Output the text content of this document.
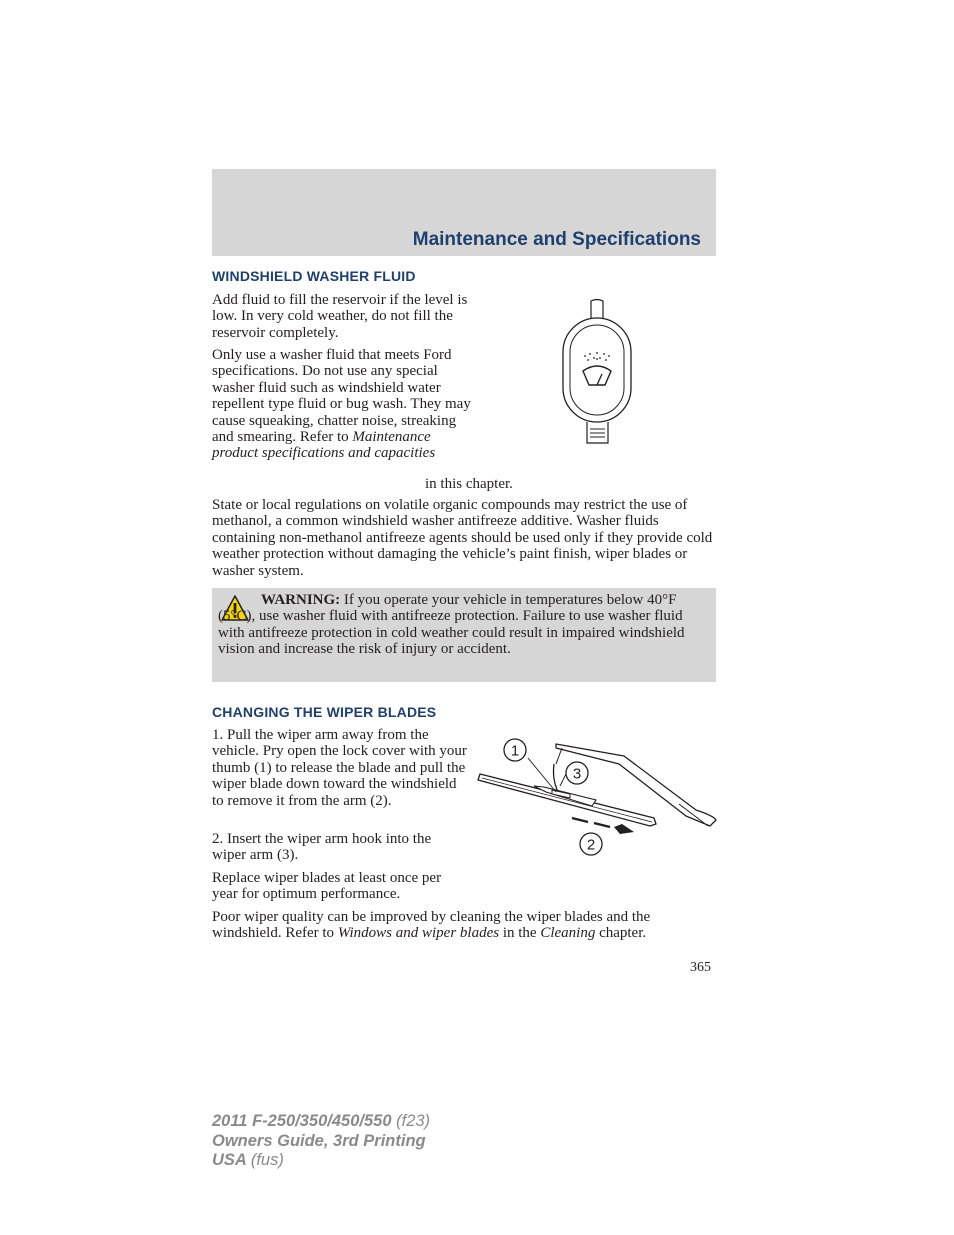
Maintenance and Specifications
WINDSHIELD WASHER FLUID

Add fluid to fill the reservoir if the level is low. In very cold weather, do not fill the reservoir completely.

Only use a washer fluid that meets Ford specifications. Do not use any special washer fluid such as windshield water repellent type fluid or bug wash. They may cause squeaking, chatter noise, streaking and smearing. Refer to Maintenance product specifications and capacities

in this chapter.

State or local regulations on volatile organic compounds may restrict the use of methanol, a common windshield washer antifreeze additive. Washer fluids containing non-methanol antifreeze agents should be used only if they provide cold weather protection without damaging the vehicle’s paint finish, wiper blades or washer system.

WARNING: If you operate your vehicle in temperatures below 40°F (5°C), use washer fluid with antifreeze protection. Failure to use washer fluid with antifreeze protection in cold weather could result in impaired windshield vision and increase the risk of injury or accident.

CHANGING THE WIPER BLADES

1. Pull the wiper arm away from the vehicle. Pry open the lock cover with your thumb (1) to release the blade and pull the wiper blade down toward the windshield to remove it from the arm (2).

2. Insert the wiper arm hook into the wiper arm (3).

Replace wiper blades at least once per year for optimum performance.

1
3
2

Poor wiper quality can be improved by cleaning the wiper blades and the windshield. Refer to Windows and wiper blades in the Cleaning chapter.

365
2011 F-250/350/450/550 (f23)
Owners Guide, 3rd Printing
USA (fus)
